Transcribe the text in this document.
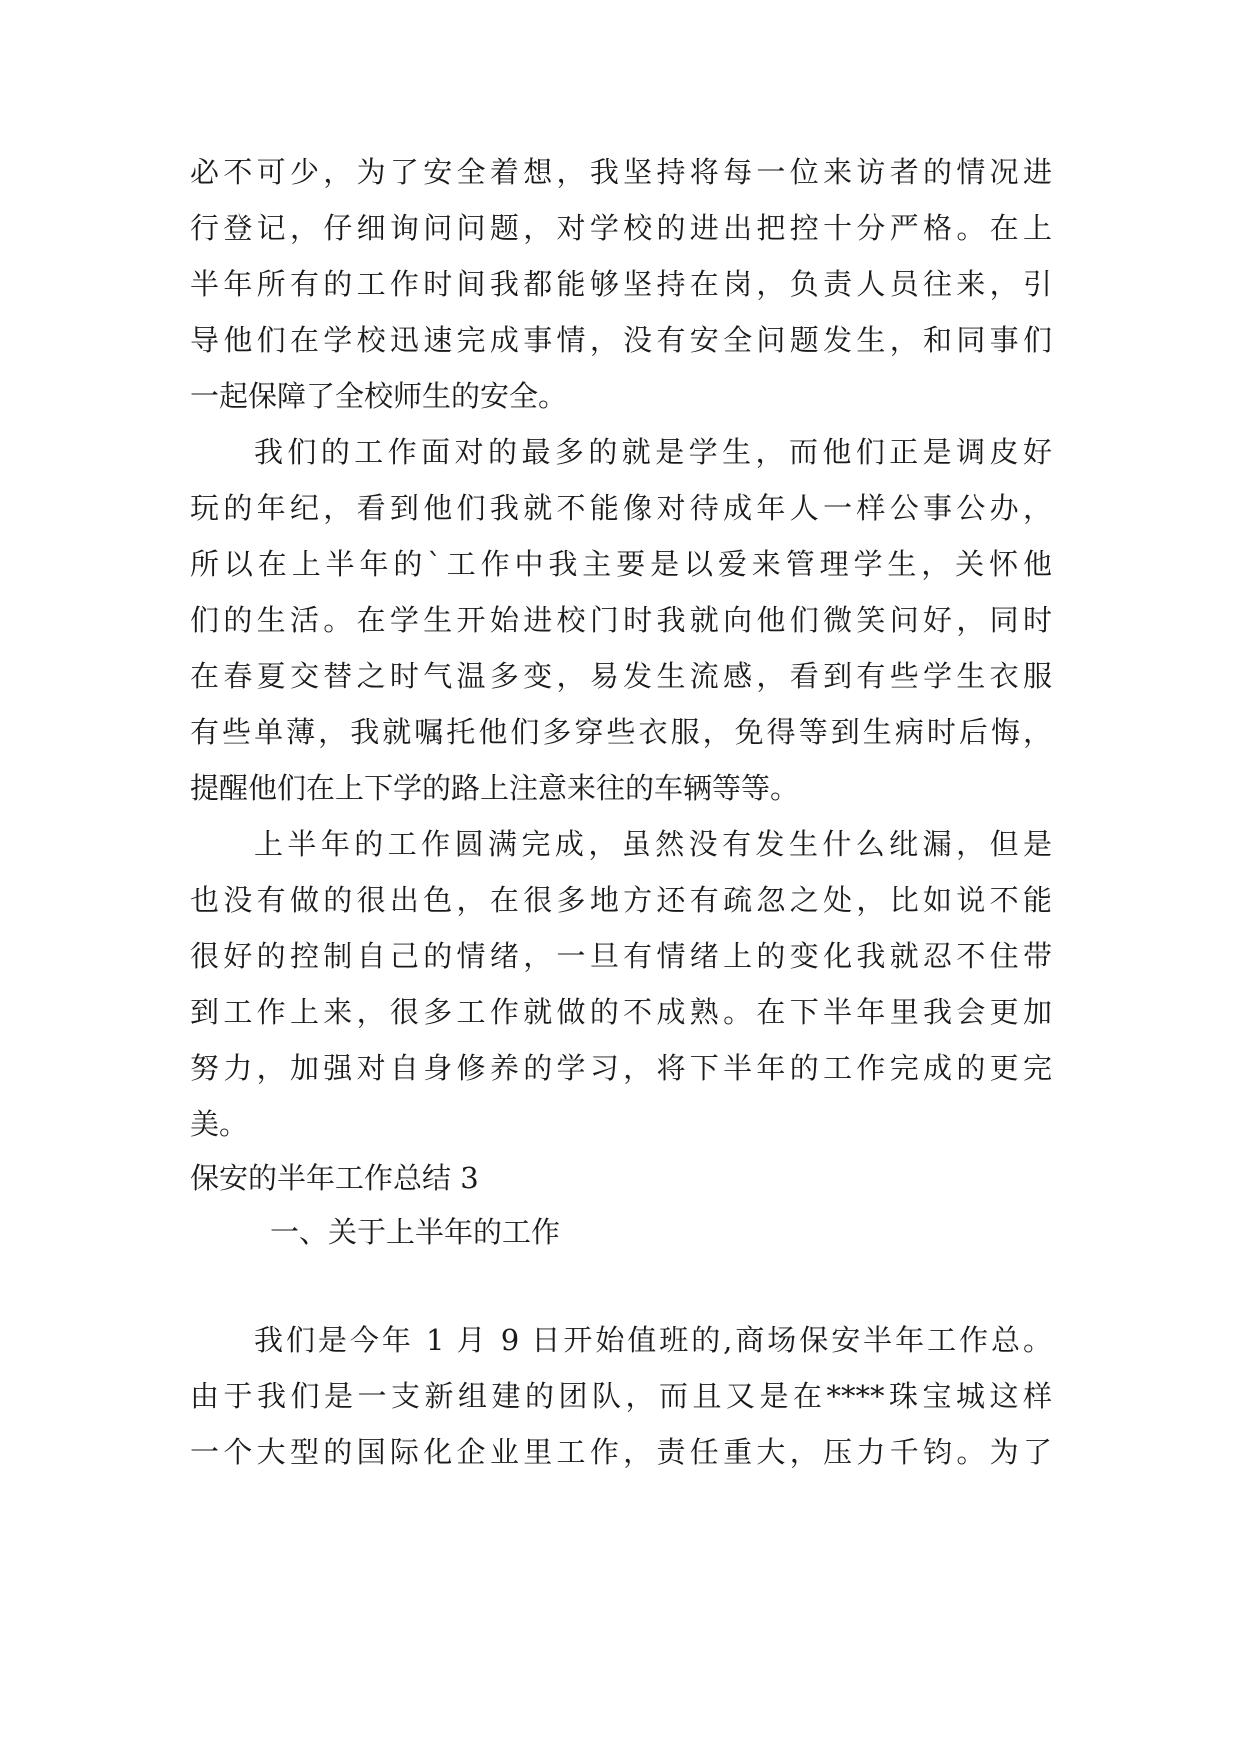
必不可少，为了安全着想，我坚持将每一位来访者的情况进
行登记，仔细询问问题，对学校的进出把控十分严格。在上
半年所有的工作时间我都能够坚持在岗，负责人员往来，引
导他们在学校迅速完成事情，没有安全问题发生，和同事们
一起保障了全校师生的安全。
我们的工作面对的最多的就是学生，而他们正是调皮好
玩的年纪，看到他们我就不能像对待成年人一样公事公办，
所以在上半年的`工作中我主要是以爱来管理学生，关怀他
们的生活。在学生开始进校门时我就向他们微笑问好，同时
在春夏交替之时气温多变，易发生流感，看到有些学生衣服
有些单薄，我就嘱托他们多穿些衣服，免得等到生病时后悔，
提醒他们在上下学的路上注意来往的车辆等等。
上半年的工作圆满完成，虽然没有发生什么纰漏，但是
也没有做的很出色，在很多地方还有疏忽之处，比如说不能
很好的控制自己的情绪，一旦有情绪上的变化我就忍不住带
到工作上来，很多工作就做的不成熟。在下半年里我会更加
努力，加强对自身修养的学习，将下半年的工作完成的更完
美。
保安的半年工作总结 3
一、关于上半年的工作
我们是今年 1 月 9 日开始值班的,商场保安半年工作总。
由于我们是一支新组建的团队，而且又是在****珠宝城这样
一个大型的国际化企业里工作，责任重大，压力千钧。为了
